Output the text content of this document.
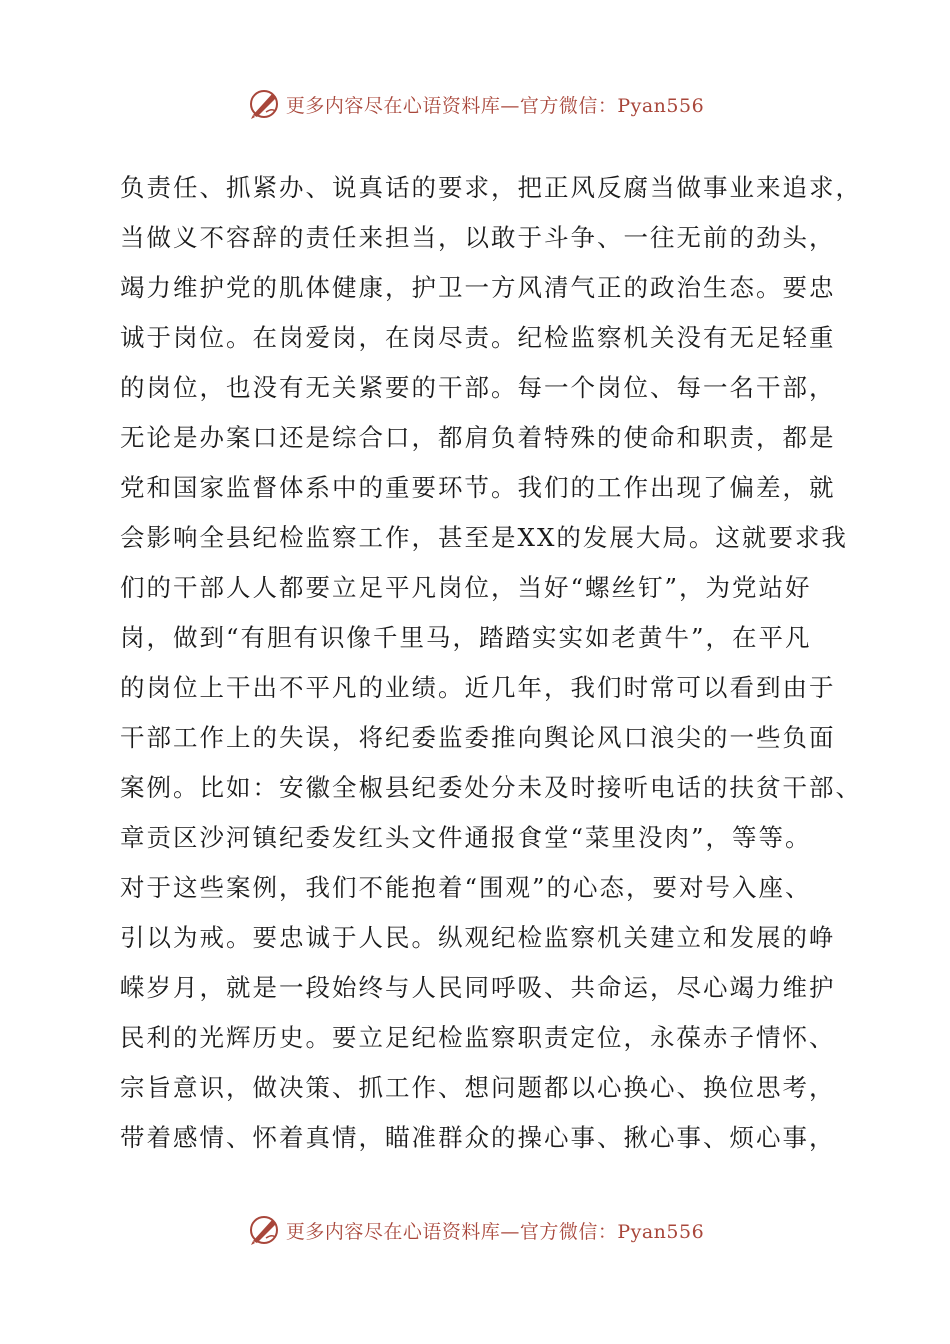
更多内容尽在心语资料库—官方微信：Pyan556
负责任、抓紧办、说真话的要求，把正风反腐当做事业来追求，
当做义不容辞的责任来担当，以敢于斗争、一往无前的劲头，
竭力维护党的肌体健康，护卫一方风清气正的政治生态。要忠
诚于岗位。在岗爱岗，在岗尽责。纪检监察机关没有无足轻重
的岗位，也没有无关紧要的干部。每一个岗位、每一名干部，
无论是办案口还是综合口，都肩负着特殊的使命和职责，都是
党和国家监督体系中的重要环节。我们的工作出现了偏差，就
会影响全县纪检监察工作，甚至是XX的发展大局。这就要求我
们的干部人人都要立足平凡岗位，当好“螺丝钉”，为党站好
岗，做到“有胆有识像千里马，踏踏实实如老黄牛”，在平凡
的岗位上干出不平凡的业绩。近几年，我们时常可以看到由于
干部工作上的失误，将纪委监委推向舆论风口浪尖的一些负面
案例。比如：安徽全椒县纪委处分未及时接听电话的扶贫干部、
章贡区沙河镇纪委发红头文件通报食堂“菜里没肉”，等等。
对于这些案例，我们不能抱着“围观”的心态，要对号入座、
引以为戒。要忠诚于人民。纵观纪检监察机关建立和发展的峥
嵘岁月，就是一段始终与人民同呼吸、共命运，尽心竭力维护
民利的光辉历史。要立足纪检监察职责定位，永葆赤子情怀、
宗旨意识，做决策、抓工作、想问题都以心换心、换位思考，
带着感情、怀着真情，瞄准群众的操心事、揪心事、烦心事，
更多内容尽在心语资料库—官方微信：Pyan556
